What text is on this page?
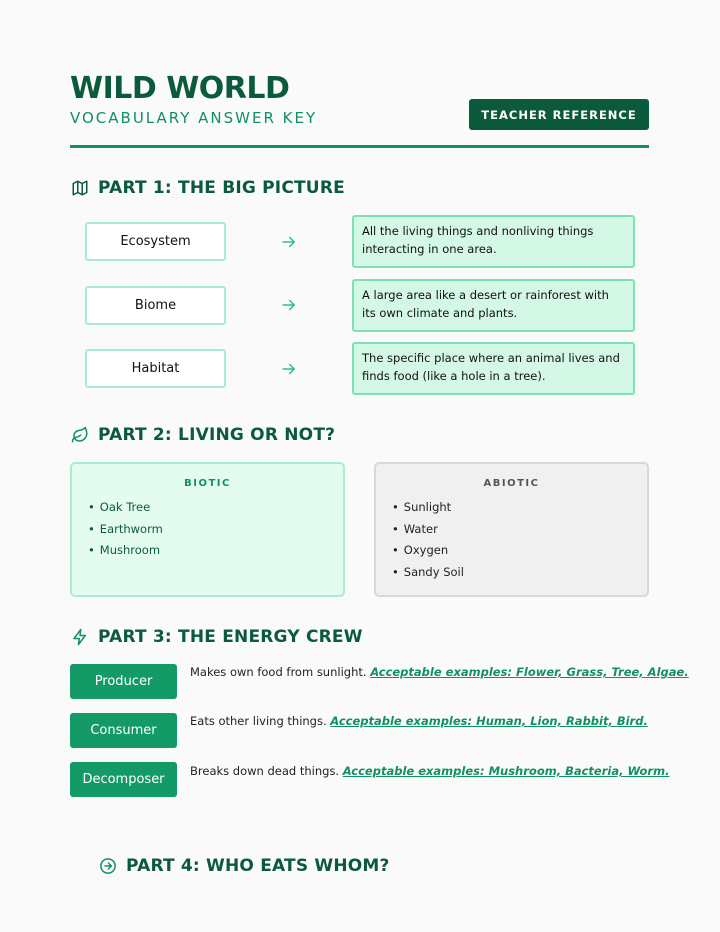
WILD WORLD
VOCABULARY ANSWER KEY	TEACHER REFERENCE
PART 1: THE BIG PICTURE
Ecosystem
All the living things and nonliving things interacting in one area.
Biome
A large area like a desert or rainforest with its own climate and plants.
Habitat
The specific place where an animal lives and finds food (like a hole in a tree).
PART 2: LIVING OR NOT?
BIOTIC
• Oak Tree
• Earthworm
• Mushroom
ABIOTIC
• Sunlight
• Water
• Oxygen
• Sandy Soil
PART 3: THE ENERGY CREW
Producer
Makes own food from sunlight. Acceptable examples: Flower, Grass, Tree, Algae.
Consumer
Eats other living things. Acceptable examples: Human, Lion, Rabbit, Bird.
Decomposer
Breaks down dead things. Acceptable examples: Mushroom, Bacteria, Worm.
PART 4: WHO EATS WHOM?
